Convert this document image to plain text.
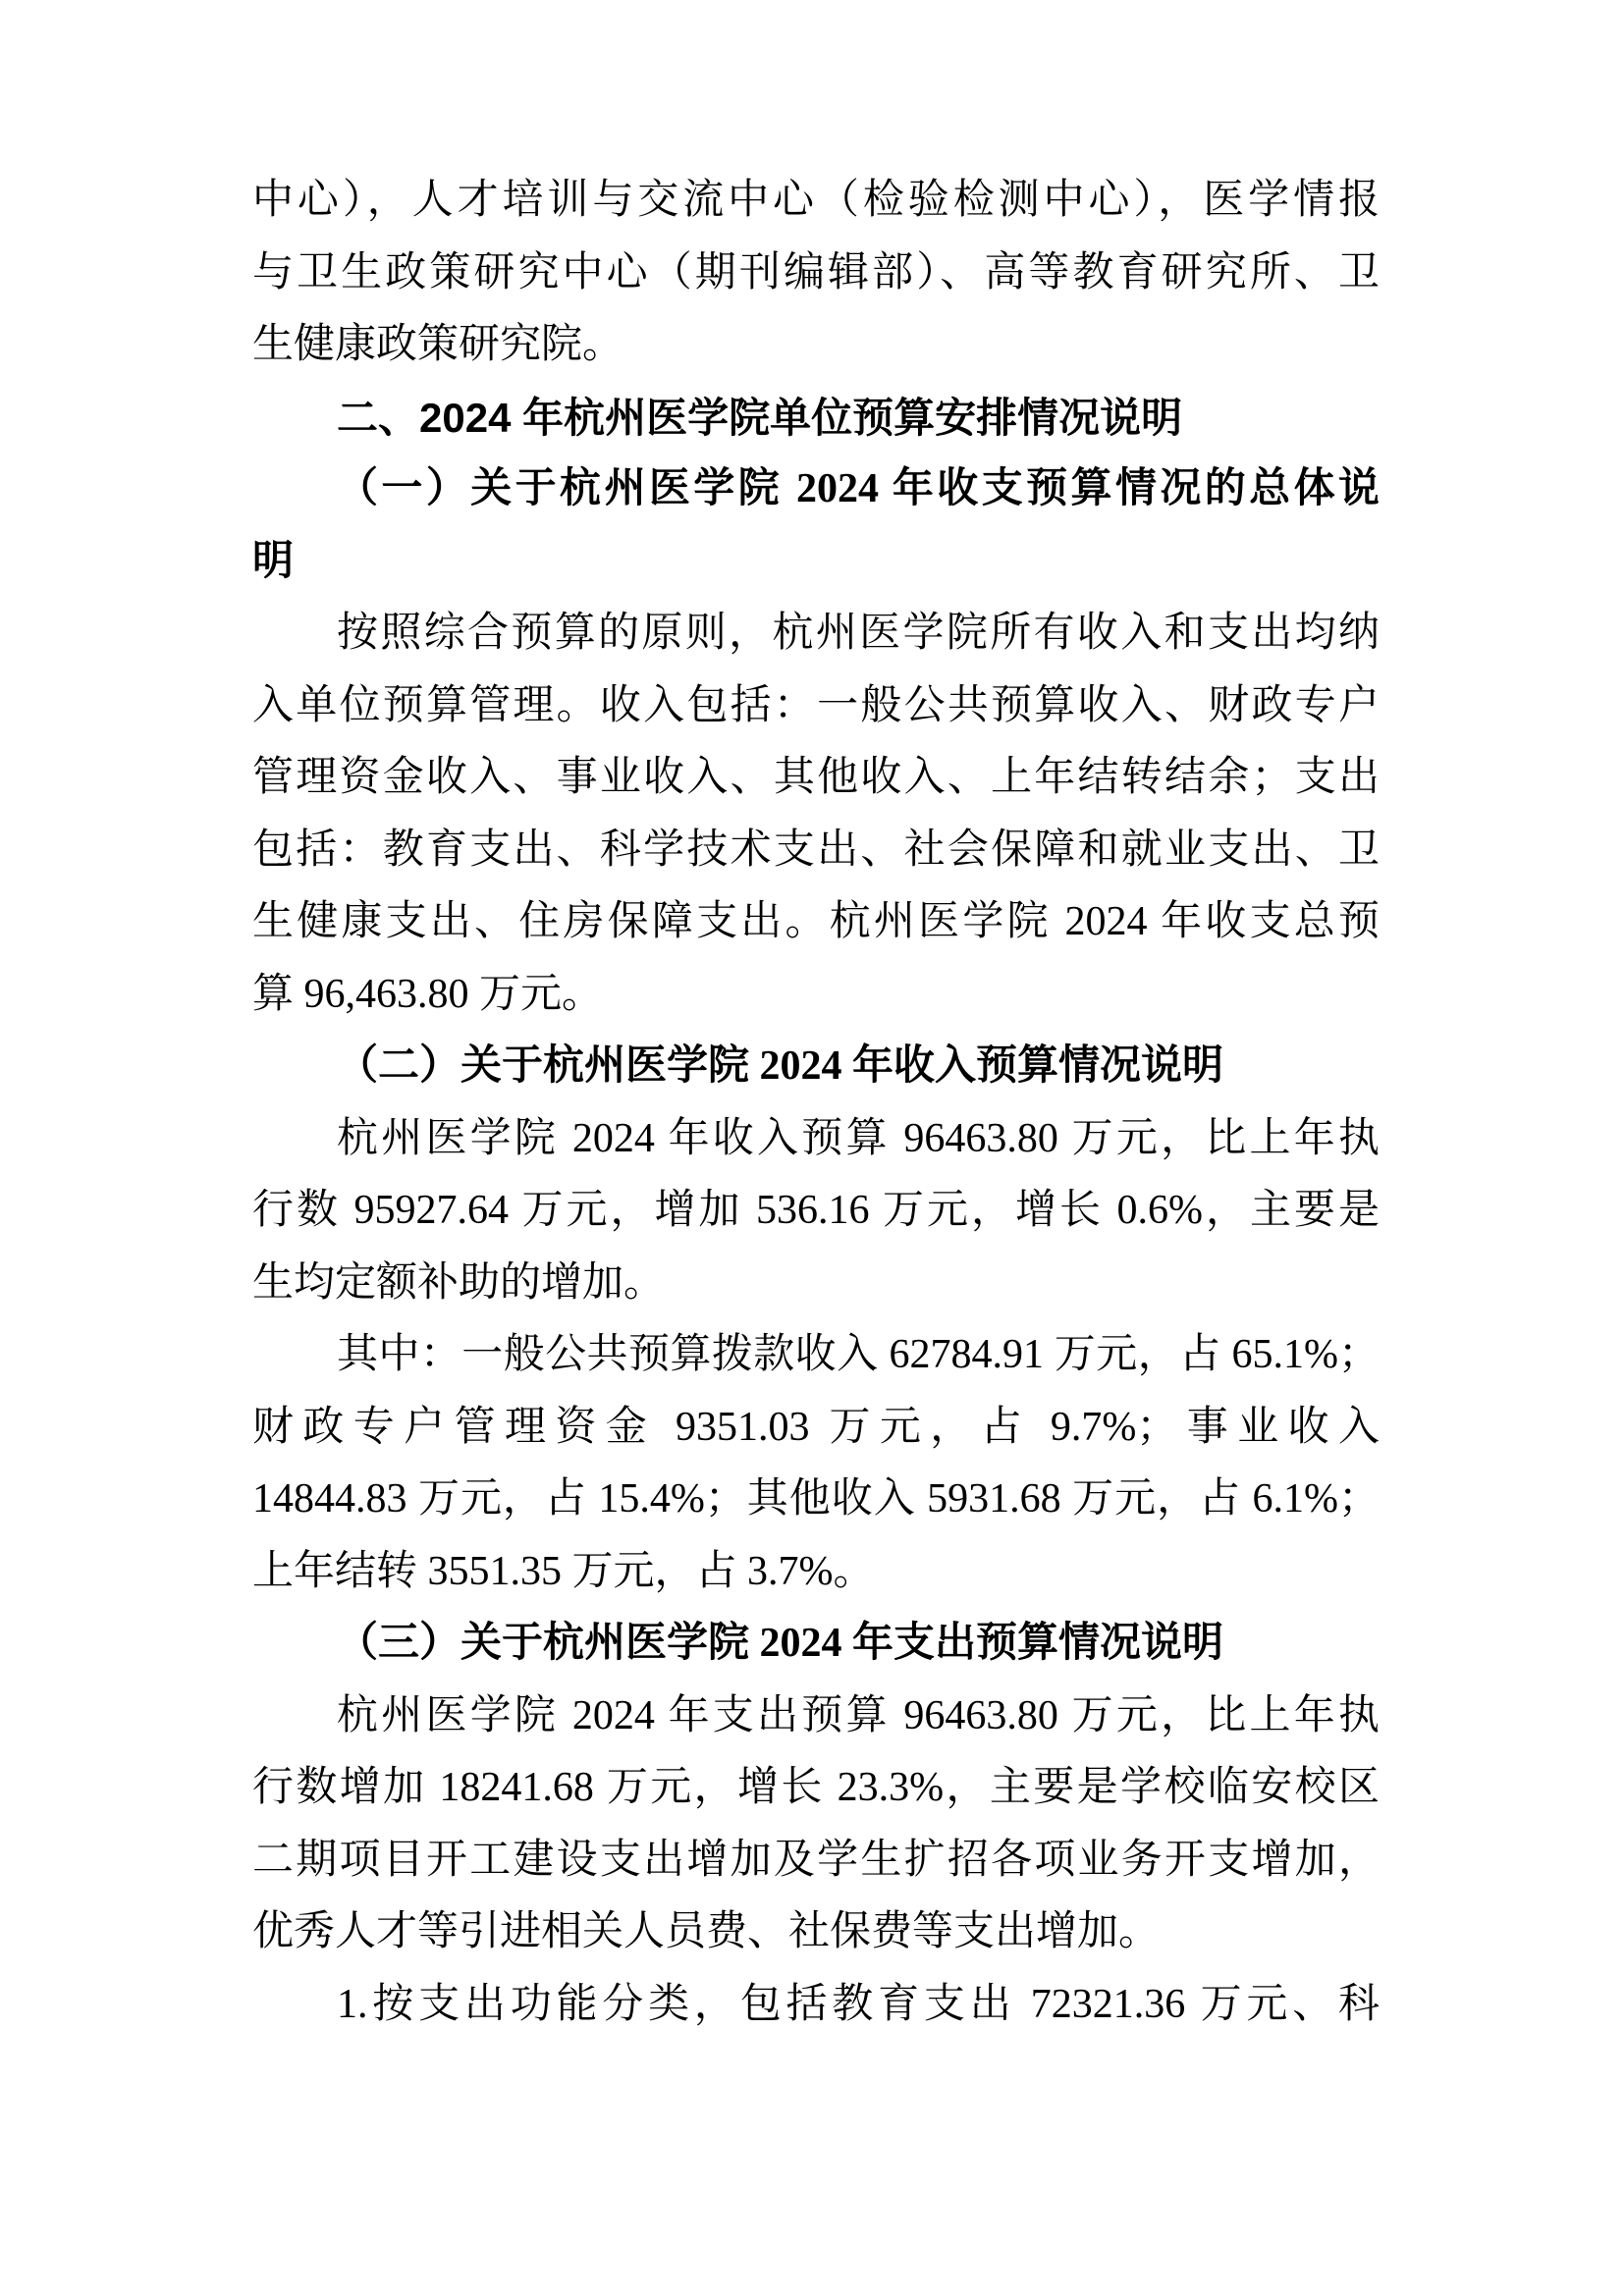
中心），人才培训与交流中心（检验检测中心），医学情报
与卫生政策研究中心（期刊编辑部）、高等教育研究所、卫
生健康政策研究院。
二、2024 年杭州医学院单位预算安排情况说明
（一）关于杭州医学院 2024 年收支预算情况的总体说
明
按照综合预算的原则，杭州医学院所有收入和支出均纳
入单位预算管理。收入包括：一般公共预算收入、财政专户
管理资金收入、事业收入、其他收入、上年结转结余；支出
包括：教育支出、科学技术支出、社会保障和就业支出、卫
生健康支出、住房保障支出。杭州医学院 2024 年收支总预
算 96,463.80 万元。
（二）关于杭州医学院 2024 年收入预算情况说明
杭州医学院 2024 年收入预算 96463.80 万元，比上年执
行数 95927.64 万元，增加 536.16 万元，增长 0.6%，主要是
生均定额补助的增加。
其中：一般公共预算拨款收入 62784.91 万元，占 65.1%；
财政专户管理资金 9351.03 万元，占 9.7%；事业收入
14844.83 万元，占 15.4%；其他收入 5931.68 万元，占 6.1%；
上年结转 3551.35 万元，占 3.7%。
（三）关于杭州医学院 2024 年支出预算情况说明
杭州医学院 2024 年支出预算 96463.80 万元，比上年执
行数增加 18241.68 万元，增长 23.3%，主要是学校临安校区
二期项目开工建设支出增加及学生扩招各项业务开支增加，
优秀人才等引进相关人员费、社保费等支出增加。
1.按支出功能分类，包括教育支出 72321.36 万元、科
